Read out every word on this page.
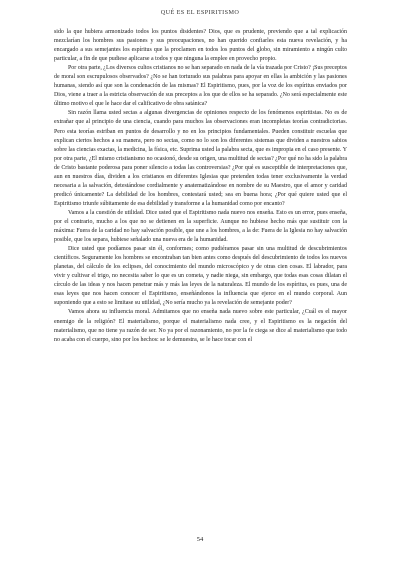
QUÉ ES EL ESPIRITISMO

sido la que hubiera armonizado todos los puntos disidentes? Dios, que es prudente, previendo que a tal explicación mezclarían los hombres sus pasiones y sus preocupaciones, no han querido confiarles esta nueva revelación, y ha encargado a sus semejantes los espíritus que la proclamen en todos los puntos del globo, sin miramiento a ningún culto particular, a fin de que pudiese aplicarse a todos y que ninguna la emplee en provecho propio.

Por otra parte, ¿Los diversos cultos cristianos no se han separado en nada de la vía trazada por Cristo? ¡Sus preceptos de moral son escrupulosos observados? ¿No se han torturado sus palabras para apoyar en ellas la ambición y las pasiones humanas, siendo así que son la condenación de las mismas? El Espiritismo, pues, por la voz de los espíritus enviados por Dios, viene a traer a la estricta observación de sus preceptos a los que de ellos se ha separado. ¿No será especialmente este último motivo el que le hace dar el calificativo de obra satánica?

Sin razón llama usted sectas a algunas divergencias de opiniones respecto de los fenómenos espiritistas. No es de extrañar que al principio de una ciencia, cuando para muchos las observaciones eran incompletas teorías contradictorias. Pero esta teorías estriban en puntos de desarrollo y no en los principios fundamentales. Pueden constituir escuelas que explican ciertos hechos a su manera, pero no sectas, como no lo son los diferentes sistemas que dividen a nuestros sabios sobre las ciencias exactas, la medicina, la física, etc. Suprima usted la palabra secta, que es impropia en el caso presente. Y por otra parte, ¿El mismo cristianismo no ocasionó, desde su origen, una multitud de sectas? ¿Por qué no ha sido la palabra de Cristo bastante poderosa para poner silencio a todas las controversias? ¿Por qué es susceptible de interpretaciones que, aun en nuestros días, dividen a los cristianos en diferentes Iglesias que pretenden todas tener exclusivamente la verdad necesaria a la salvación, detestándose cordialmente y anatematizándose en nombre de su Maestro, que el amor y caridad predicó únicamente? La debilidad de los hombres, contestará usted; sea en buena hora; ¿Por qué quiere usted que el Espiritismo triunfe súbitamente de esa debilidad y transforme a la humanidad como por encanto?

Vamos a la cuestión de utilidad. Dice usted que el Espiritismo nada nuevo nos enseña. Esto es un error, pues enseña, por el contrario, mucho a los que no se detienen en la superficie. Aunque no hubiese hecho más que sustituir con la máxima: Fuera de la caridad no hay salvación posible, que une a los hombres, a la de: Fuera de la Iglesia no hay salvación posible, que los separa, hubiese señalado una nueva era de la humanidad.

Dice usted que podíamos pasar sin él, conformes; como pudiéramos pasar sin una multitud de descubrimientos científicos. Seguramente los hombres se encontraban tan bien antes como después del descubrimiento de todos los nuevos planetas, del cálculo de los eclipses, del conocimiento del mundo microscópico y de otras cien cosas. El labrador, para vivir y cultivar el trigo, no necesita saber lo que es un cometa, y nadie niega, sin embargo, que todas esas cosas dilatan el círculo de las ideas y nos hacen penetrar más y más las leyes de la naturaleza. El mundo de los espíritus, es pues, una de esas leyes que nos hacen conocer el Espiritismo, enseñándonos la influencia que ejerce en el mundo corporal. Aun suponiendo que a esto se limitase su utilidad, ¿No sería mucho ya la revelación de semejante poder?

Vamos ahora su influencia moral. Admitamos que no enseña nada nuevo sobre este particular, ¿Cuál es el mayor enemigo de la religión? El materialismo, porque el materialismo nada cree, y el Espiritismo es la negación del materialismo, que no tiene ya razón de ser. No ya por el razonamiento, no por la fe ciega se dice al materialismo que todo no acaba con el cuerpo, sino por los hechos: se le demuestra, se le hace tocar con el

54
